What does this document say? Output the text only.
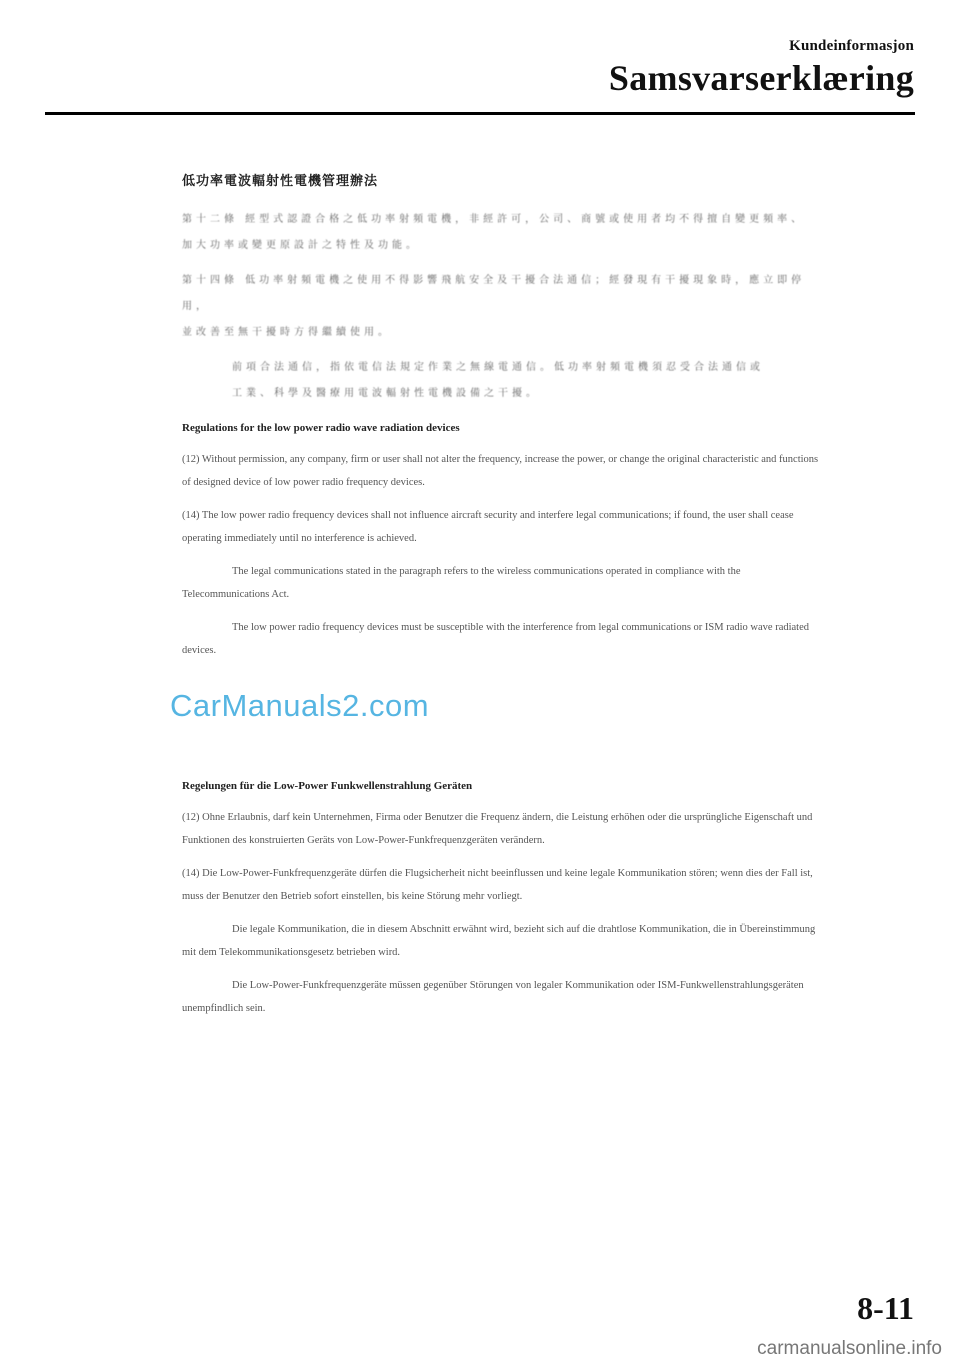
Kundeinformasjon
Samsvarserklæring
低功率電波輻射性電機管理辦法
第十二條 經型式認證合格之低功率射頻電機，非經許可，公司、商號或使用者均不得擅自變更頻率、
加大功率或變更原設計之特性及功能。
第十四條 低功率射頻電機之使用不得影響飛航安全及干擾合法通信；經發現有干擾現象時，應立即停用，
並改善至無干擾時方得繼續使用。
前項合法通信，指依電信法規定作業之無線電通信。低功率射頻電機須忍受合法通信或
工業、科學及醫療用電波輻射性電機設備之干擾。
Regulations for the low power radio wave radiation devices

(12) Without permission, any company, firm or user shall not alter the frequency, increase the power, or change the original characteristic and functions of designed device of low power radio frequency devices.

(14) The low power radio frequency devices shall not influence aircraft security and interfere legal communications; if found, the user shall cease operating immediately until no interference is achieved.

The legal communications stated in the paragraph refers to the wireless communications operated in compliance with the Telecommunications Act.

The low power radio frequency devices must be susceptible with the interference from legal communications or ISM radio wave radiated devices.

Regelungen für die Low-Power Funkwellenstrahlung Geräten

(12) Ohne Erlaubnis, darf kein Unternehmen, Firma oder Benutzer die Frequenz ändern, die Leistung erhöhen oder die ursprüngliche Eigenschaft und Funktionen des konstruierten Geräts von Low-Power-Funkfrequenzgeräten verändern.

(14) Die Low-Power-Funkfrequenzgeräte dürfen die Flugsicherheit nicht beeinflussen und keine legale Kommunikation stören; wenn dies der Fall ist, muss der Benutzer den Betrieb sofort einstellen, bis keine Störung mehr vorliegt.

Die legale Kommunikation, die in diesem Abschnitt erwähnt wird, bezieht sich auf die drahtlose Kommunikation, die in Übereinstimmung mit dem Telekommunikationsgesetz betrieben wird.

Die Low-Power-Funkfrequenzgeräte müssen gegenüber Störungen von legaler Kommunikation oder ISM-Funkwellenstrahlungsgeräten unempfindlich sein.

CarManuals2.com
8-11
carmanualsonline.info
